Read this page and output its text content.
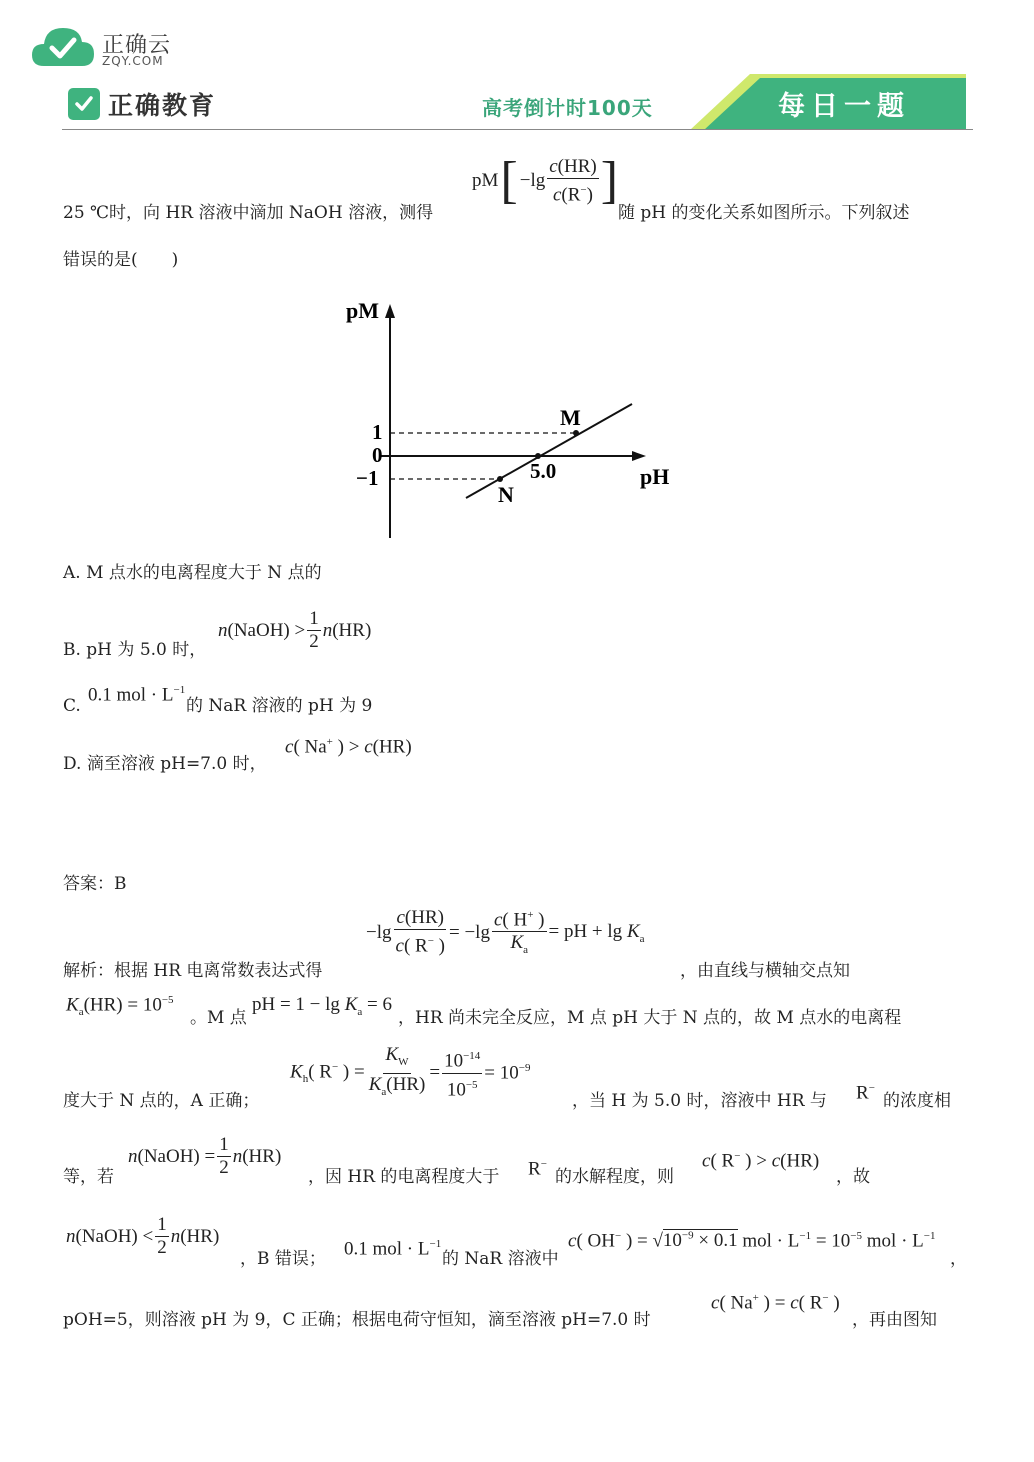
正确云
ZQY.COM
正确教育	高考倒计时100天	每日一题
25 ℃时，向 HR 溶液中滴加 NaOH 溶液，测得
pM [ $-\lg \frac{c(HR)}{c(R^-)}$ ]
随 pH 的变化关系如图所示。下列叙述
错误的是(　　)
pM
pH
1
0
−1	5.0
M
N
A. M 点水的电离程度大于 N 点的
B. pH 为 5.0 时，
n(NaOH) > $\frac{1}{2} n(HR)$
C.
0.1 mol · $L^{-1}$
的 NaR 溶液的 pH 为 9
D. 滴至溶液 pH=7.0 时，
c( Na+ ) > c(HR)
答案：B
解析：根据 HR 电离常数表达式得
$-\lg \frac{c(HR)}{c( R^- )} = -\lg \frac{c( H^+ )}{K_a}$ = pH + $\lg K_a$
，由直线与横轴交点知
$K_a(HR) = 10^{-5}$
。M 点
pH = $1 - \lg K_a = 6$
，HR 尚未完全反应，M 点 pH 大于 N 点的，故 M 点水的电离程
度大于 N 点的，A 正确；
$K_h$( R− ) = $\frac{K_W}{K_a(HR)} = \frac{10^{-14}}{10^{-5}} = 10^{-9}$
，当 H 为 5.0 时，溶液中 HR 与 R−
的浓度相
等，若
n(NaOH) = $\frac{1}{2} n(HR)$
，因 HR 的电离程度大于 R−
的水解程度，则
c( R− ) > c(HR)
，故
n(NaOH) < $\frac{1}{2} n(HR)$
，B 错误； 0.1 mol · $L^{-1}$
的 NaR 溶液中
c( OH− ) = $√10^{-9} \times 0.1$ mol · $L^{-1} = 10^{-5}$ mol · $L^{-1}$
，
pOH=5，则溶液 pH 为 9，C 正确；根据电荷守恒知，滴至溶液 pH=7.0 时
c( Na+ ) = c( R− )
，再由图知
